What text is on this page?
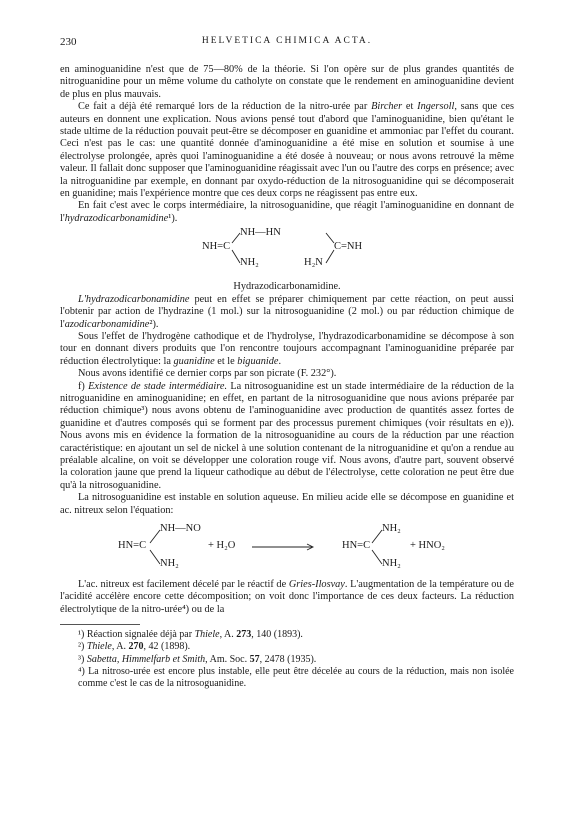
230	HELVETICA CHIMICA ACTA.

en aminoguanidine n'est que de 75—80% de la théorie. Si l'on opère sur de plus grandes quantités de nitroguanidine pour un même volume du catholyte on constate que le rendement en aminoguanidine devient de plus en plus mauvais.

Ce fait a déjà été remarqué lors de la réduction de la nitro-urée par Bircher et Ingersoll, sans que ces auteurs en donnent une explication. Nous avions pensé tout d'abord que l'aminoguanidine, bien qu'étant le stade ultime de la réduction pouvait peut-être se décomposer en guanidine et ammoniac par l'effet du courant. Ceci n'est pas le cas: une quantité donnée d'aminoguanidine a été mise en solution et soumise à une électrolyse prolongée, après quoi l'aminoguanidine a été dosée à nouveau; or nous avons retrouvé la même valeur. Il fallait donc supposer que l'aminoguanidine réagissait avec l'un ou l'autre des corps en présence; avec la nitroguanidine par exemple, en donnant par oxydo-réduction de la nitrosoguanidine qui se décomposerait en guanidine; mais l'expérience montre que ces deux corps ne réagissent pas entre eux.

En fait c'est avec le corps intermédiaire, la nitrosoguanidine, que réagit l'aminoguanidine en donnant de l'hydrazodicarbonamidine¹).

NH—HN
NH=C	C=NH
NH₂	H₂N

Hydrazodicarbonamidine.

L'hydrazodicarbonamidine peut en effet se préparer chimiquement par cette réaction, on peut aussi l'obtenir par action de l'hydrazine (1 mol.) sur la nitrosoguanidine (2 mol.) ou par réduction chimique de l'azodicarbonamidine²).

Sous l'effet de l'hydrogène cathodique et de l'hydrolyse, l'hydrazodicarbonamidine se décompose à son tour en donnant divers produits que l'on rencontre toujours accompagnant l'aminoguanidine préparée par réduction électrolytique: la guanidine et le biguanide.

Nous avons identifié ce dernier corps par son picrate (F. 232°).

f) Existence de stade intermédiaire. La nitrosoguanidine est un stade intermédiaire de la réduction de la nitroguanidine en aminoguanidine; en effet, en partant de la nitrosoguanidine que nous avions préparée par réduction chimique³) nous avons obtenu de l'aminoguanidine avec production de quantités assez fortes de guanidine et d'autres composés qui se forment par des processus purement chimiques (voir résultats en e)). Nous avons mis en évidence la formation de la nitrosoguanidine au cours de la réduction par une réaction caractéristique: en ajoutant un sel de nickel à une solution contenant de la nitroguanidine et qu'on a rendue au préalable alcaline, on voit se développer une coloration rouge vif. Nous avons, d'autre part, souvent observé la coloration jaune que prend la liqueur cathodique au début de l'électrolyse, cette coloration ne peut être due qu'à la nitrosoguanidine.

La nitrosoguanidine est instable en solution aqueuse. En milieu acide elle se décompose en guanidine et ac. nitreux selon l'équation:

NH—NO
HN=C
NH₂
+ H₂O
NH₂
HN=C	+ HNO₂
NH₂

L'ac. nitreux est facilement décelé par le réactif de Gries-Ilosvay. L'augmentation de la température ou de l'acidité accélère encore cette décomposition; on voit donc l'importance de ces deux facteurs. La réduction électrolytique de la nitro-urée⁴) ou de la

¹) Réaction signalée déjà par Thiele, A. 273, 140 (1893).

²) Thiele, A. 270, 42 (1898).

³) Sabetta, Himmelfarb et Smith, Am. Soc. 57, 2478 (1935).

⁴) La nitroso-urée est encore plus instable, elle peut être décelée au cours de la réduction, mais non isolée comme c'est le cas de la nitrosoguanidine.
